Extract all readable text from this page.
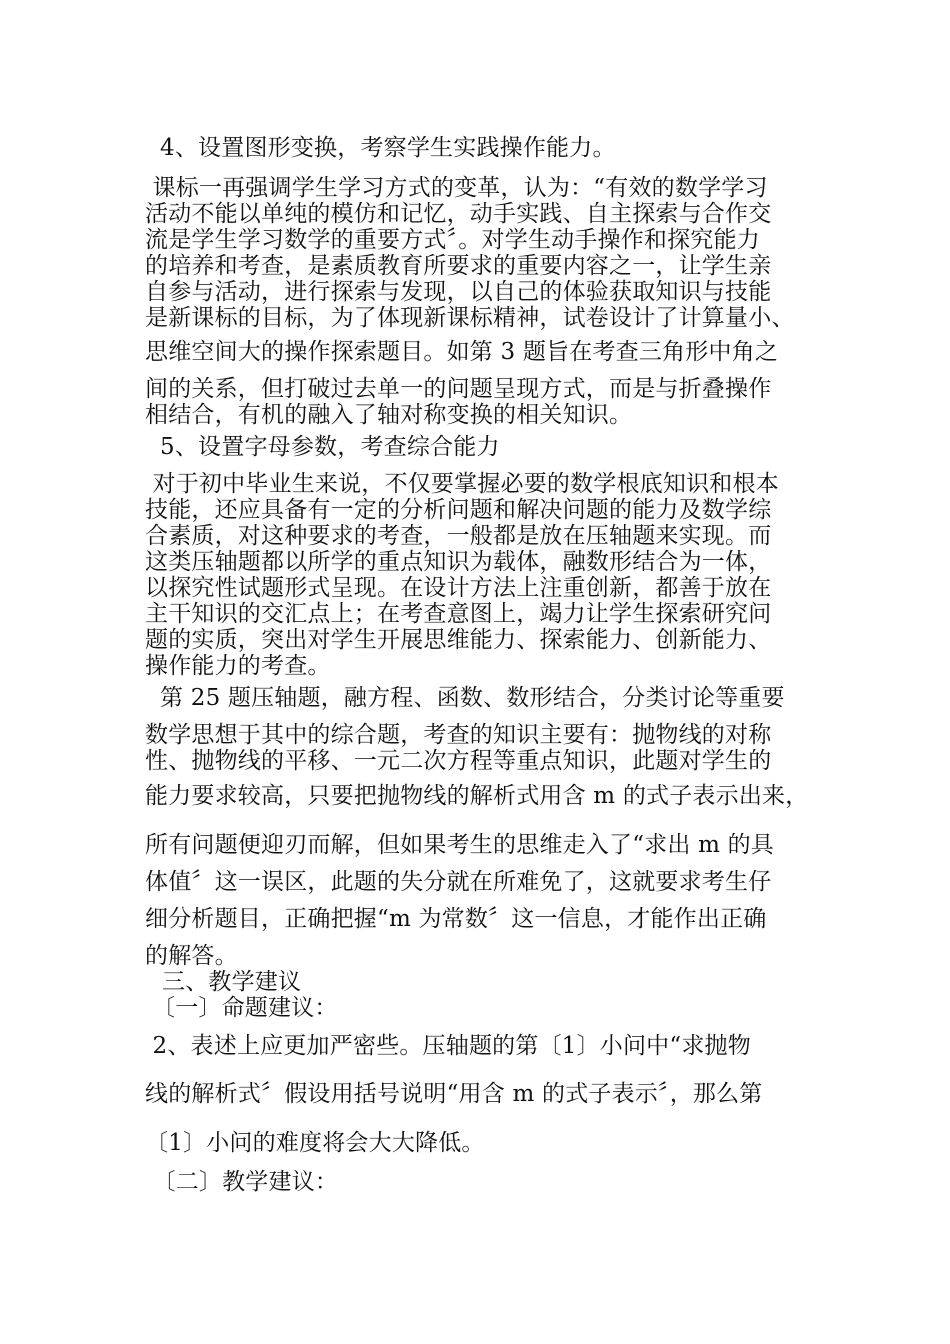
4、设置图形变换，考察学生实践操作能力。
课标一再强调学生学习方式的变革，认为：“有效的数学学习
活动不能以单纯的模仿和记忆，动手实践、自主探索与合作交
流是学生学习数学的重要方式〞。对学生动手操作和探究能力
的培养和考查，是素质教育所要求的重要内容之一，让学生亲
自参与活动，进行探索与发现，以自己的体验获取知识与技能
是新课标的目标，为了体现新课标精神，试卷设计了计算量小、
思维空间大的操作探索题目。如第 3 题旨在考查三角形中角之
间的关系，但打破过去单一的问题呈现方式，而是与折叠操作
相结合，有机的融入了轴对称变换的相关知识。
5、设置字母参数，考查综合能力
对于初中毕业生来说，不仅要掌握必要的数学根底知识和根本
技能，还应具备有一定的分析问题和解决问题的能力及数学综
合素质，对这种要求的考查，一般都是放在压轴题来实现。而
这类压轴题都以所学的重点知识为载体，融数形结合为一体，
以探究性试题形式呈现。在设计方法上注重创新，都善于放在
主干知识的交汇点上；在考查意图上，竭力让学生探索研究问
题的实质，突出对学生开展思维能力、探索能力、创新能力、
操作能力的考查。
第 25 题压轴题，融方程、函数、数形结合，分类讨论等重要
数学思想于其中的综合题，考查的知识主要有：抛物线的对称
性、抛物线的平移、一元二次方程等重点知识，此题对学生的
能力要求较高，只要把抛物线的解析式用含 m 的式子表示出来，
所有问题便迎刃而解，但如果考生的思维走入了“求出 m 的具
体值〞这一误区，此题的失分就在所难免了，这就要求考生仔
细分析题目，正确把握“m 为常数〞这一信息，才能作出正确
的解答。
三、教学建议
〔一〕命题建议：
2、表述上应更加严密些。压轴题的第〔1〕小问中“求抛物
线的解析式〞假设用括号说明“用含 m 的式子表示〞，那么第
〔1〕小问的难度将会大大降低。
〔二〕教学建议：
